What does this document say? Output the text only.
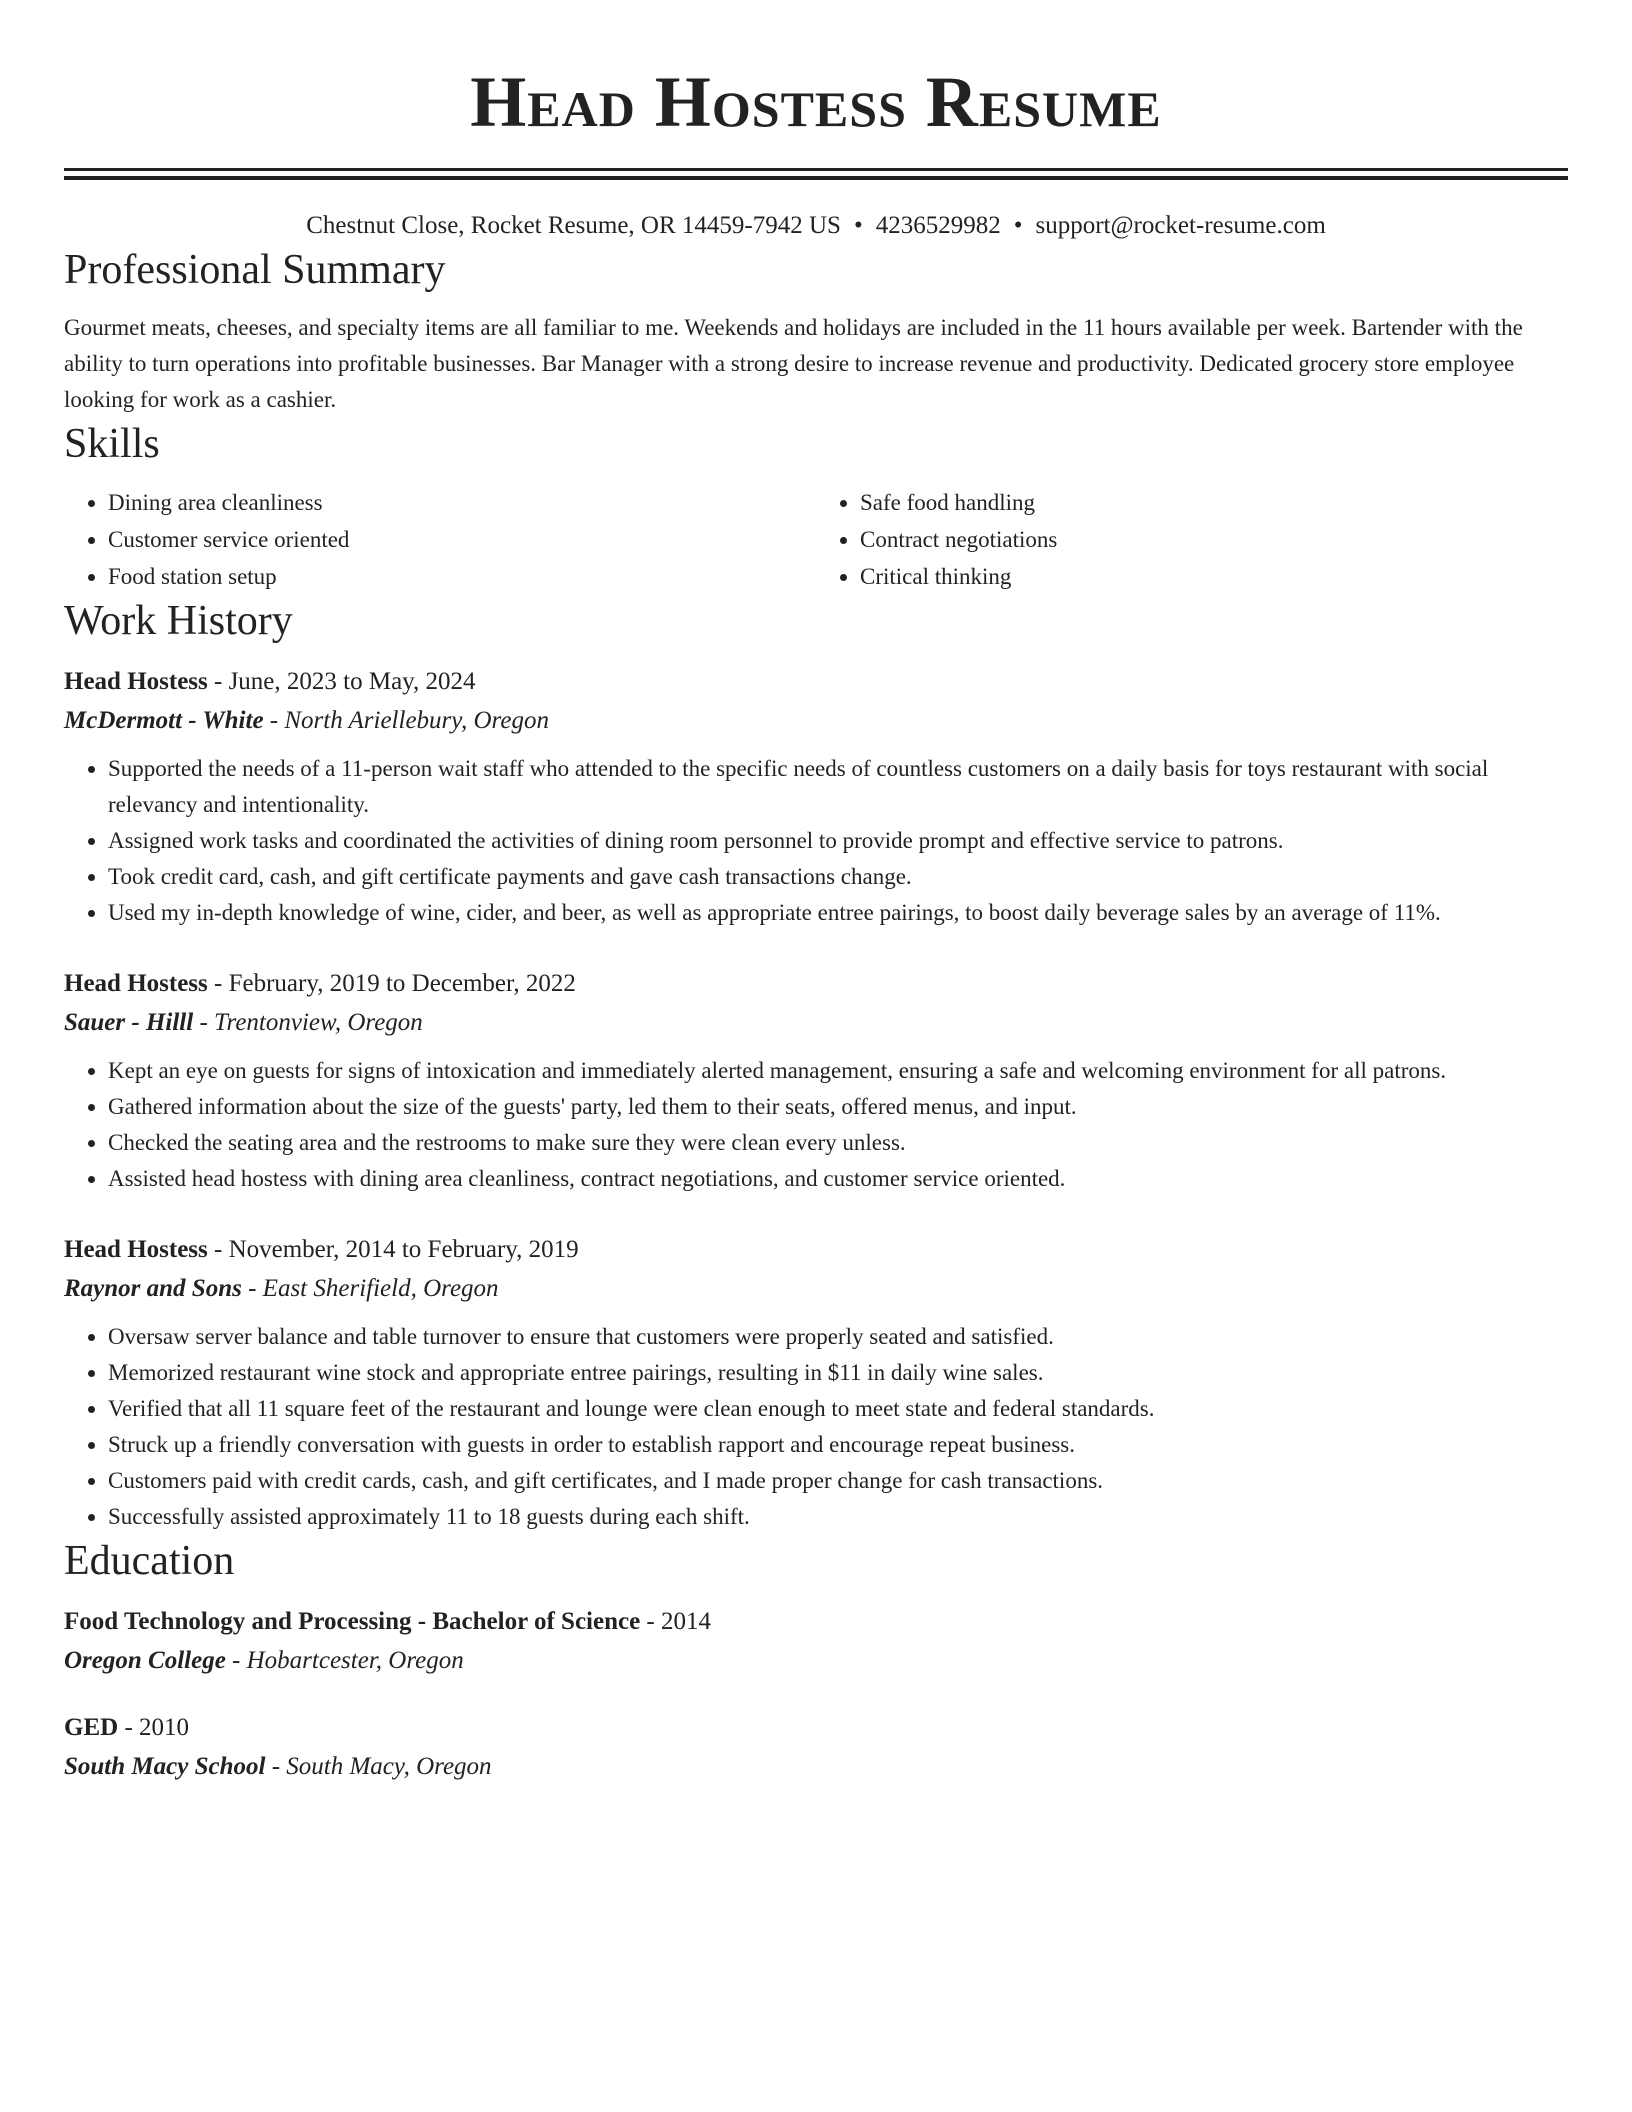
Head Hostess Resume
Chestnut Close, Rocket Resume, OR 14459-7942 US • 4236529982 • support@rocket-resume.com
Professional Summary
Gourmet meats, cheeses, and specialty items are all familiar to me. Weekends and holidays are included in the 11 hours available per week. Bartender with the ability to turn operations into profitable businesses. Bar Manager with a strong desire to increase revenue and productivity. Dedicated grocery store employee looking for work as a cashier.
Skills
• Dining area cleanliness
• Customer service oriented
• Food station setup
• Safe food handling
• Contract negotiations
• Critical thinking
Work History
Head Hostess - June, 2023 to May, 2024
McDermott - White - North Ariellebury, Oregon
• Supported the needs of a 11-person wait staff who attended to the specific needs of countless customers on a daily basis for toys restaurant with social relevancy and intentionality.
• Assigned work tasks and coordinated the activities of dining room personnel to provide prompt and effective service to patrons.
• Took credit card, cash, and gift certificate payments and gave cash transactions change.
• Used my in-depth knowledge of wine, cider, and beer, as well as appropriate entree pairings, to boost daily beverage sales by an average of 11%.
Head Hostess - February, 2019 to December, 2022
Sauer - Hilll - Trentonview, Oregon
• Kept an eye on guests for signs of intoxication and immediately alerted management, ensuring a safe and welcoming environment for all patrons.
• Gathered information about the size of the guests' party, led them to their seats, offered menus, and input.
• Checked the seating area and the restrooms to make sure they were clean every unless.
• Assisted head hostess with dining area cleanliness, contract negotiations, and customer service oriented.
Head Hostess - November, 2014 to February, 2019
Raynor and Sons - East Sherifield, Oregon
• Oversaw server balance and table turnover to ensure that customers were properly seated and satisfied.
• Memorized restaurant wine stock and appropriate entree pairings, resulting in $11 in daily wine sales.
• Verified that all 11 square feet of the restaurant and lounge were clean enough to meet state and federal standards.
• Struck up a friendly conversation with guests in order to establish rapport and encourage repeat business.
• Customers paid with credit cards, cash, and gift certificates, and I made proper change for cash transactions.
• Successfully assisted approximately 11 to 18 guests during each shift.
Education
Food Technology and Processing - Bachelor of Science - 2014
Oregon College - Hobartcester, Oregon
GED - 2010
South Macy School - South Macy, Oregon
